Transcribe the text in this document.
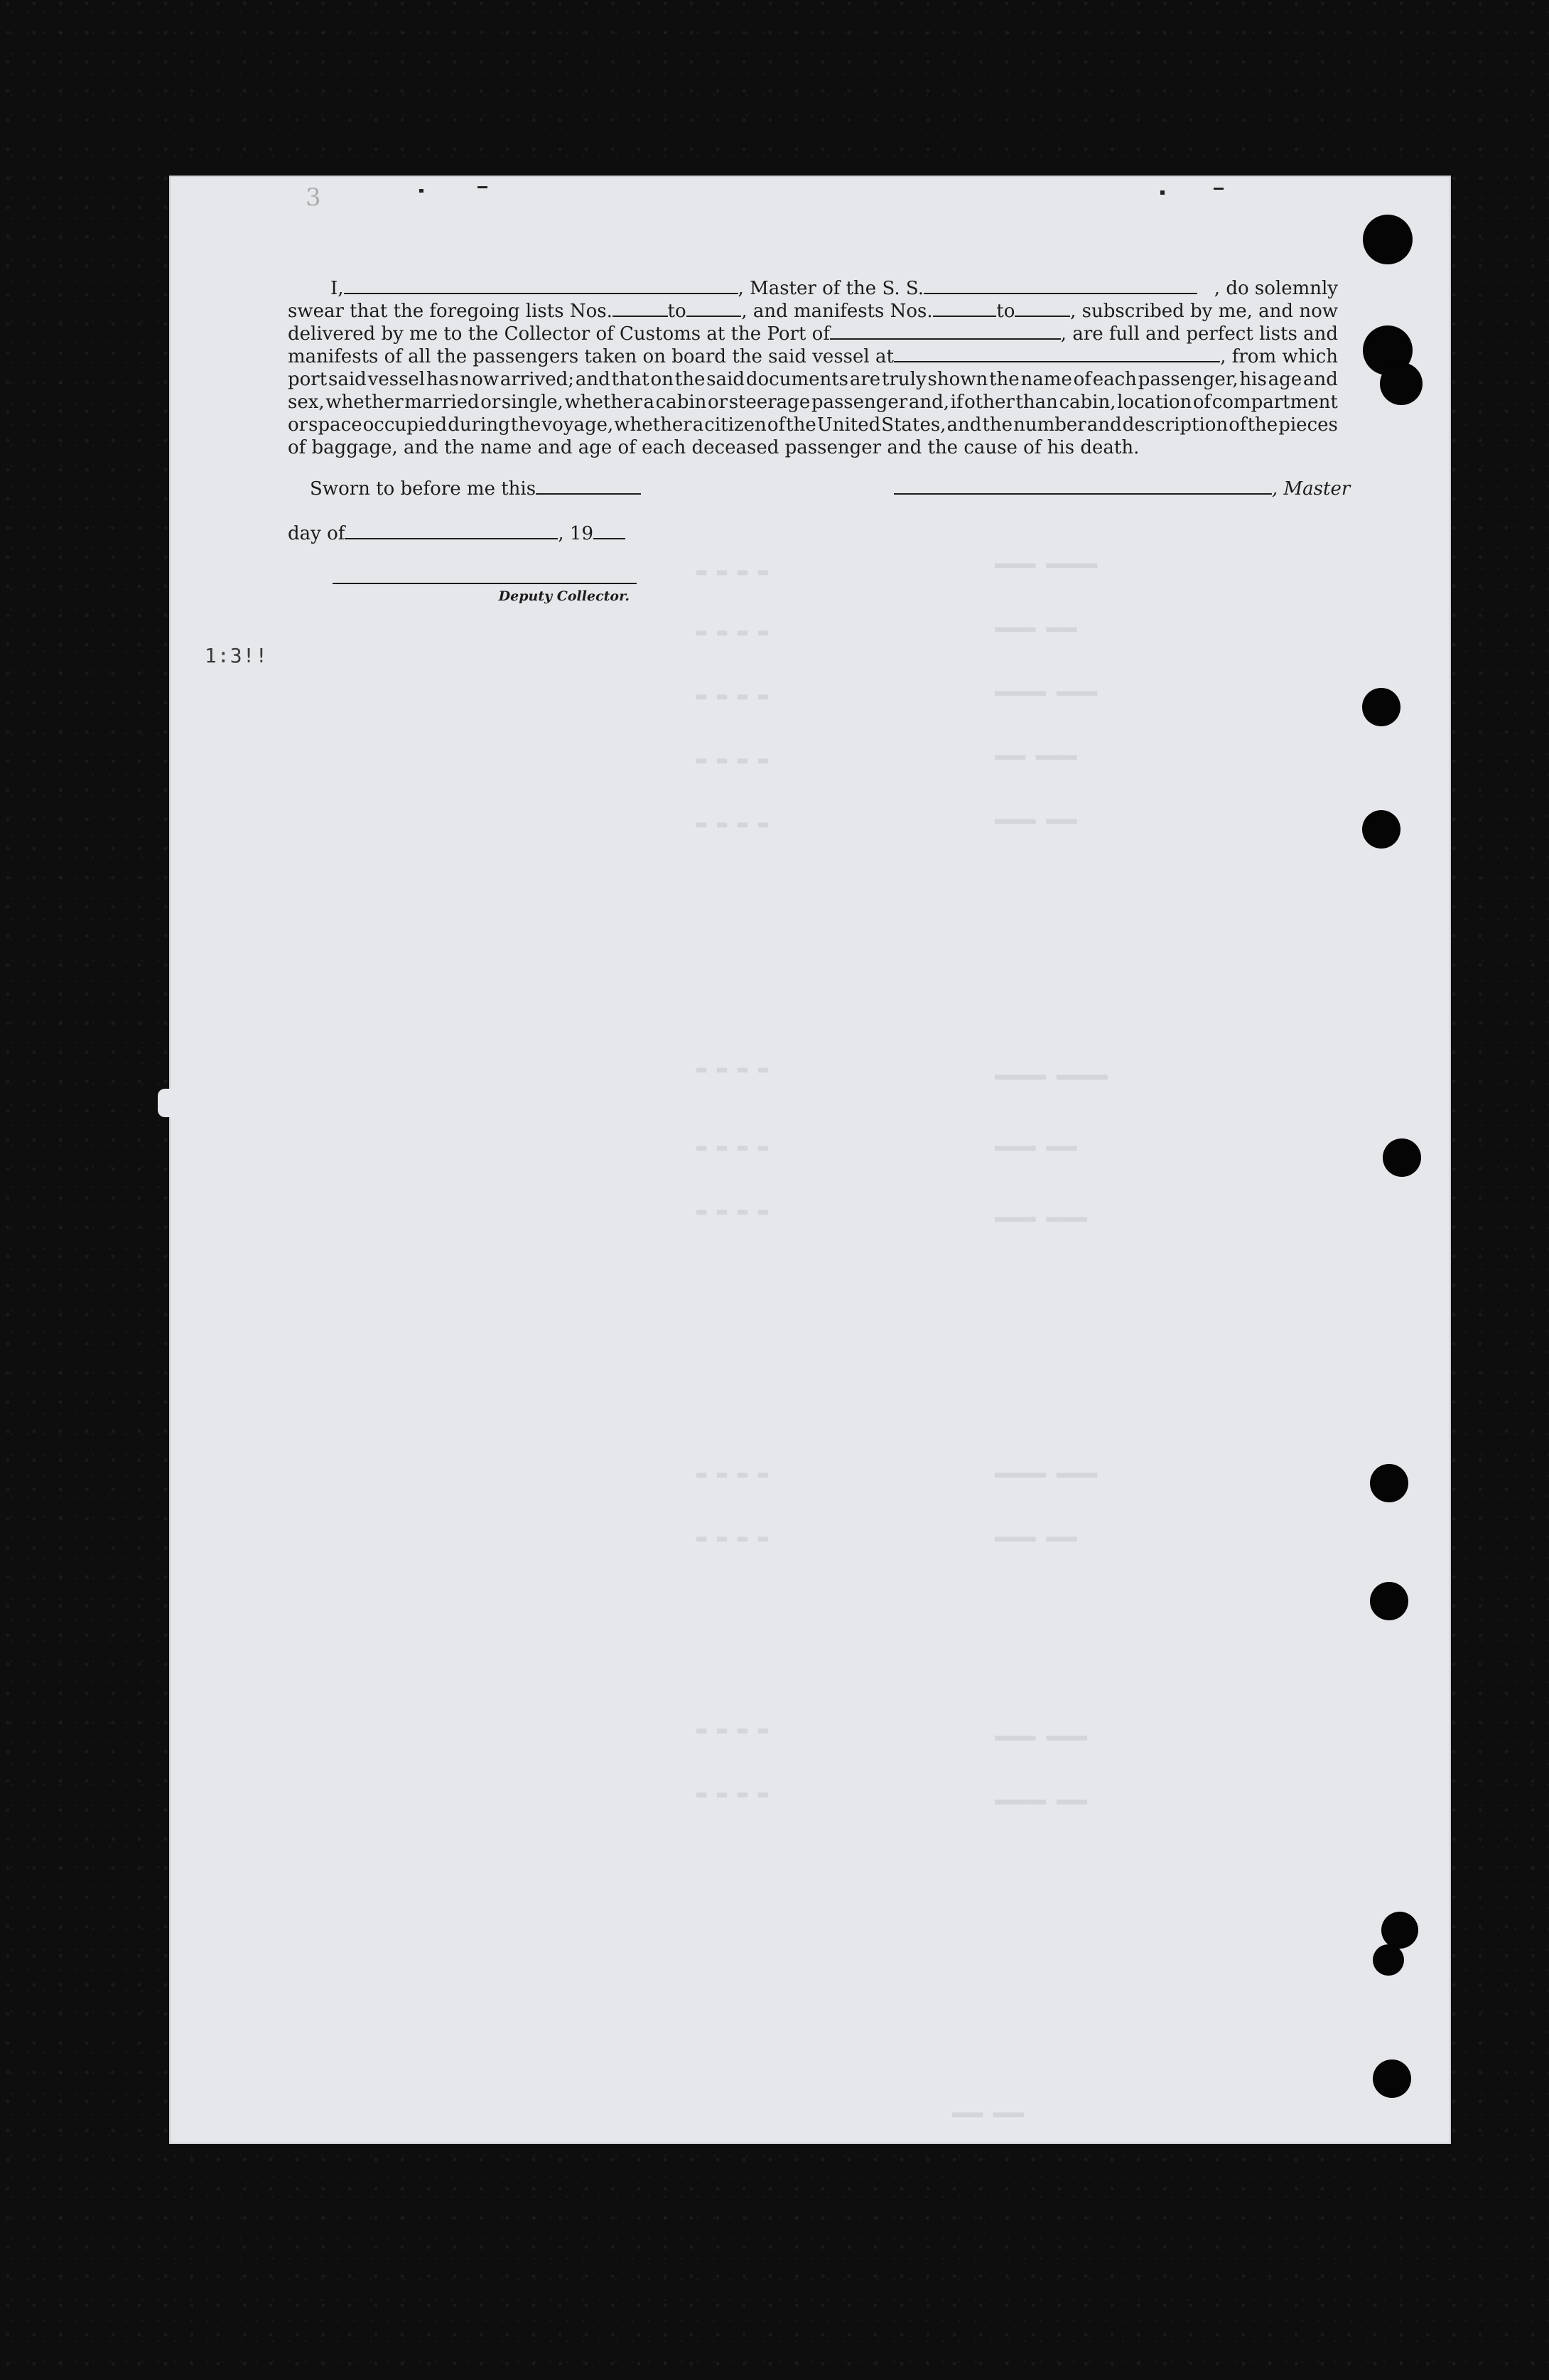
▬ ▬ ▬ ▬	▬▬▬▬ ▬▬▬▬▬
▬ ▬ ▬ ▬	▬▬▬▬ ▬▬▬
▬ ▬ ▬ ▬	▬▬▬▬▬ ▬▬▬▬
▬ ▬ ▬ ▬	▬▬▬ ▬▬▬▬
▬ ▬ ▬ ▬	▬▬▬▬ ▬▬▬
▬ ▬ ▬ ▬	▬▬▬▬▬ ▬▬▬▬▬
▬ ▬ ▬ ▬	▬▬▬▬ ▬▬▬
▬ ▬ ▬ ▬	▬▬▬▬ ▬▬▬▬
▬ ▬ ▬ ▬	▬▬▬▬▬ ▬▬▬▬
▬ ▬ ▬ ▬	▬▬▬▬ ▬▬▬
▬ ▬ ▬ ▬	▬▬▬▬ ▬▬▬▬
▬ ▬ ▬ ▬	▬▬▬▬▬ ▬▬▬
▬▬▬ ▬▬▬
3
I,	, Master of the S. S.	, do solemnly
swear that the foregoing lists Nos.	to	, and manifests Nos.	to	, subscribed by me, and now
delivered by me to the Collector of Customs at the Port of	, are full and perfect lists and
manifests of all the passengers taken on board the said vessel at	, from which
port said vessel has now arrived; and that on the said documents are truly shown the name of each passenger, his age and
sex, whether married or single, whether a cabin or steerage passenger and, if other than cabin, location of compartment
or space occupied during the voyage, whether a citizen of the United States, and the number and description of the pieces
of baggage, and the name and age of each deceased passenger and the cause of his death.
Sworn to before me this	, Master
day of	, 19
Deputy Collector.
1:3!!
